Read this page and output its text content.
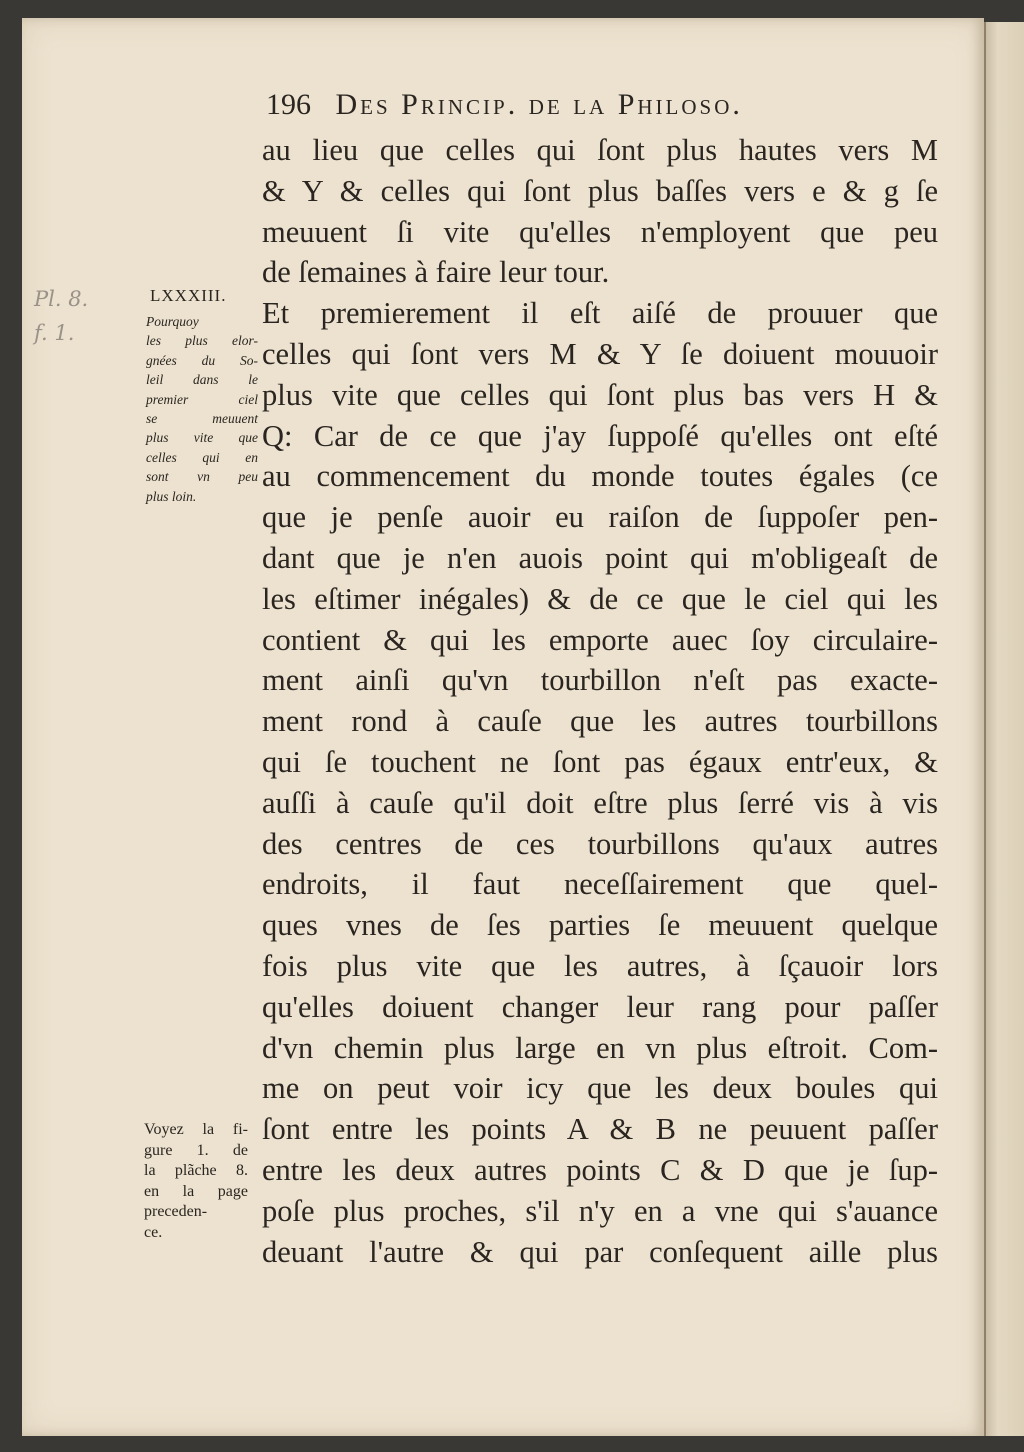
196 Des Princip. de la Philoso.
Pl. 8.
f. 1.
LXXXIII.
Pourquoy
les plus elor-
gnées du So-
leil dans le
premier ciel
se meuuent
plus vite que
celles qui en
sont vn peu
plus loin.
au lieu que celles qui ſont plus hautes vers M
& Y & celles qui ſont plus baſſes vers e & g ſe
meuuent ſi vite qu'elles n'employent que peu
de ſemaines à faire leur tour.
Et premierement il eſt aiſé de prouuer que
celles qui ſont vers M & Y ſe doiuent mouuoir
plus vite que celles qui ſont plus bas vers H &
Q: Car de ce que j'ay ſuppoſé qu'elles ont eſté
au commencement du monde toutes égales (ce
que je penſe auoir eu raiſon de ſuppoſer pen-
dant que je n'en auois point qui m'obligeaſt de
les eſtimer inégales) & de ce que le ciel qui les
contient & qui les emporte auec ſoy circulaire-
ment ainſi qu'vn tourbillon n'eſt pas exacte-
ment rond à cauſe que les autres tourbillons
qui ſe touchent ne ſont pas égaux entr'eux, &
auſſi à cauſe qu'il doit eſtre plus ſerré vis à vis
des centres de ces tourbillons qu'aux autres
endroits, il faut neceſſairement que quel-
ques vnes de ſes parties ſe meuuent quelque
fois plus vite que les autres, à ſçauoir lors
qu'elles doiuent changer leur rang pour paſſer
d'vn chemin plus large en vn plus eſtroit. Com-
me on peut voir icy que les deux boules qui
ſont entre les points A & B ne peuuent paſſer
entre les deux autres points C & D que je ſup-
poſe plus proches, s'il n'y en a vne qui s'auance
deuant l'autre & qui par conſequent aille plus
Voyez la fi-
gure 1. de
la plãche 8.
en la page
preceden-
ce.
